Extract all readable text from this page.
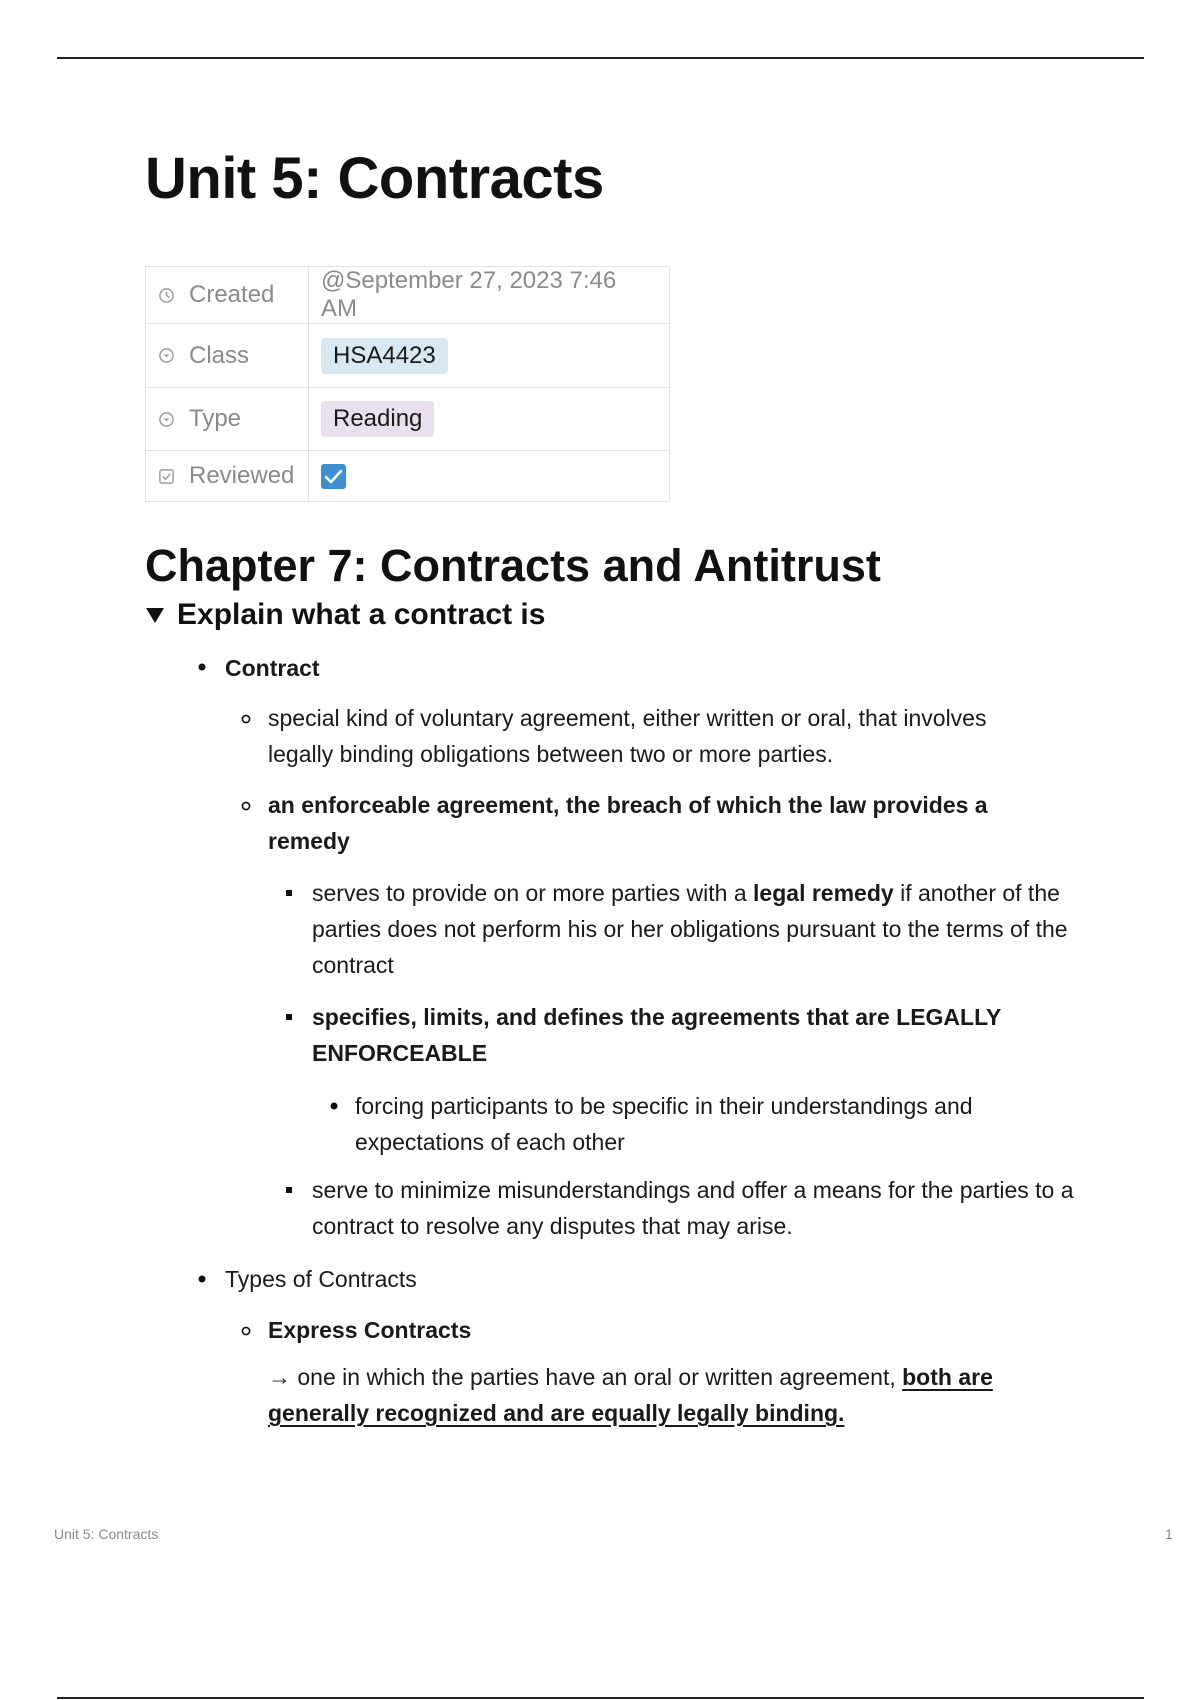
Unit 5: Contracts
Created	@September 27, 2023 7:46 AM

Class	HSA4423

Type	Reading

Reviewed

Chapter 7: Contracts and Antitrust
Explain what a contract is
Contract
special kind of voluntary agreement, either written or oral, that involves legally binding obligations between two or more parties.
an enforceable agreement, the breach of which the law provides a remedy
serves to provide on or more parties with a legal remedy if another of the parties does not perform his or her obligations pursuant to the terms of the contract
specifies, limits, and defines the agreements that are LEGALLY ENFORCEABLE
forcing participants to be specific in their understandings and expectations of each other
serve to minimize misunderstandings and offer a means for the parties to a contract to resolve any disputes that may arise.
Types of Contracts
Express Contracts
→ one in which the parties have an oral or written agreement, both are generally recognized and are equally legally binding.
Unit 5: Contracts	1
